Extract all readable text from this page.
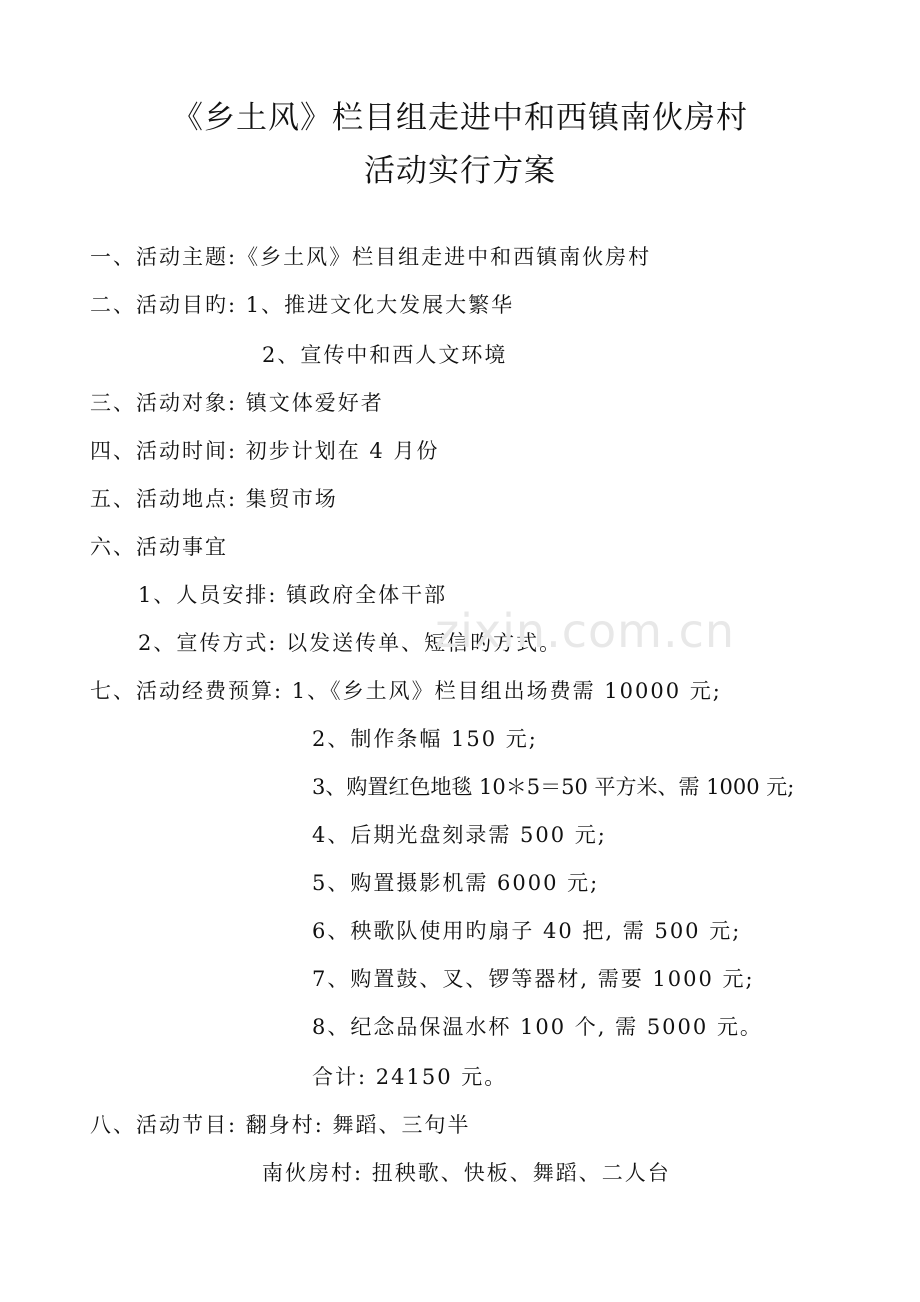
《乡土风》栏目组走进中和西镇南伙房村
活动实行方案
一、活动主题:《乡土风》栏目组走进中和西镇南伙房村
二、活动目旳: 1、推进文化大发展大繁华
2、宣传中和西人文环境
三、活动对象: 镇文体爱好者
四、活动时间: 初步计划在 4 月份
五、活动地点: 集贸市场
六、活动事宜
1、人员安排: 镇政府全体干部
2、宣传方式: 以发送传单、短信旳方式。
七、活动经费预算: 1、《乡土风》栏目组出场费需 10000 元;
2、制作条幅 150 元;
3、购置红色地毯 10＊5＝50 平方米、需 1000 元;
4、后期光盘刻录需 500 元;
5、购置摄影机需 6000 元;
6、秧歌队使用旳扇子 40 把, 需 500 元;
7、购置鼓、叉、锣等器材, 需要 1000 元;
8、纪念品保温水杯 100 个, 需 5000 元。
合计: 24150 元。
八、活动节目: 翻身村: 舞蹈、三句半
南伙房村: 扭秧歌、快板、舞蹈、二人台
zixin.com.cn
